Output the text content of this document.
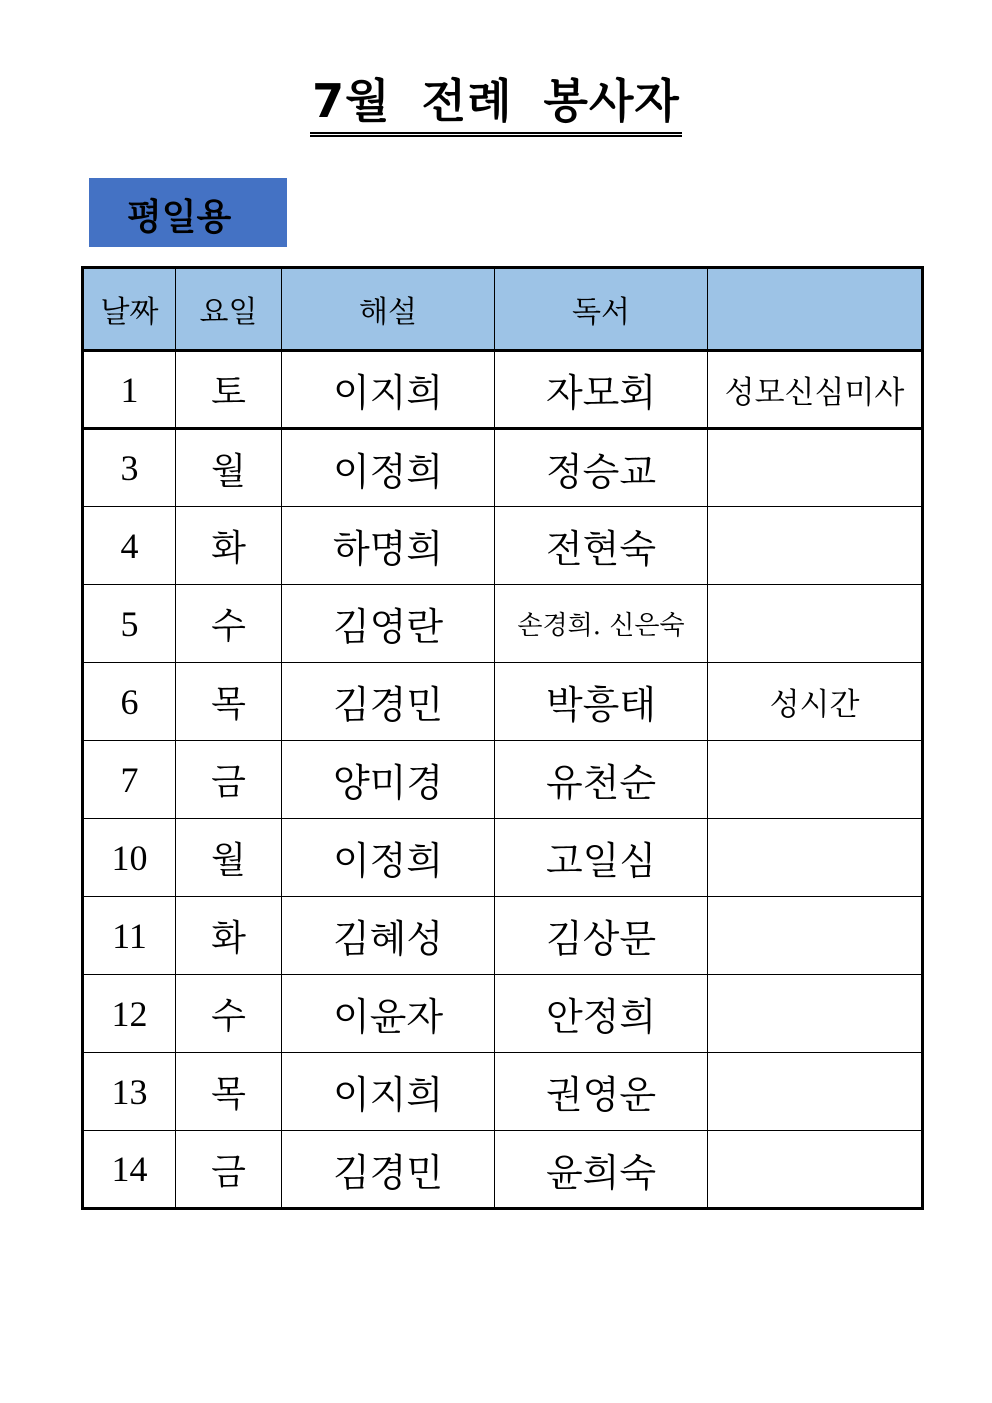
7월 전례 봉사자
평일용
날짜	요일	해설	독서	
1	토	이지희	자모회	성모신심미사
3	월	이정희	정승교	
4	화	하명희	전현숙	
5	수	김영란	손경희. 신은숙	
6	목	김경민	박흥태	성시간
7	금	양미경	유천순	
10	월	이정희	고일심	
11	화	김혜성	김상문	
12	수	이윤자	안정희	
13	목	이지희	권영운	
14	금	김경민	윤희숙	
